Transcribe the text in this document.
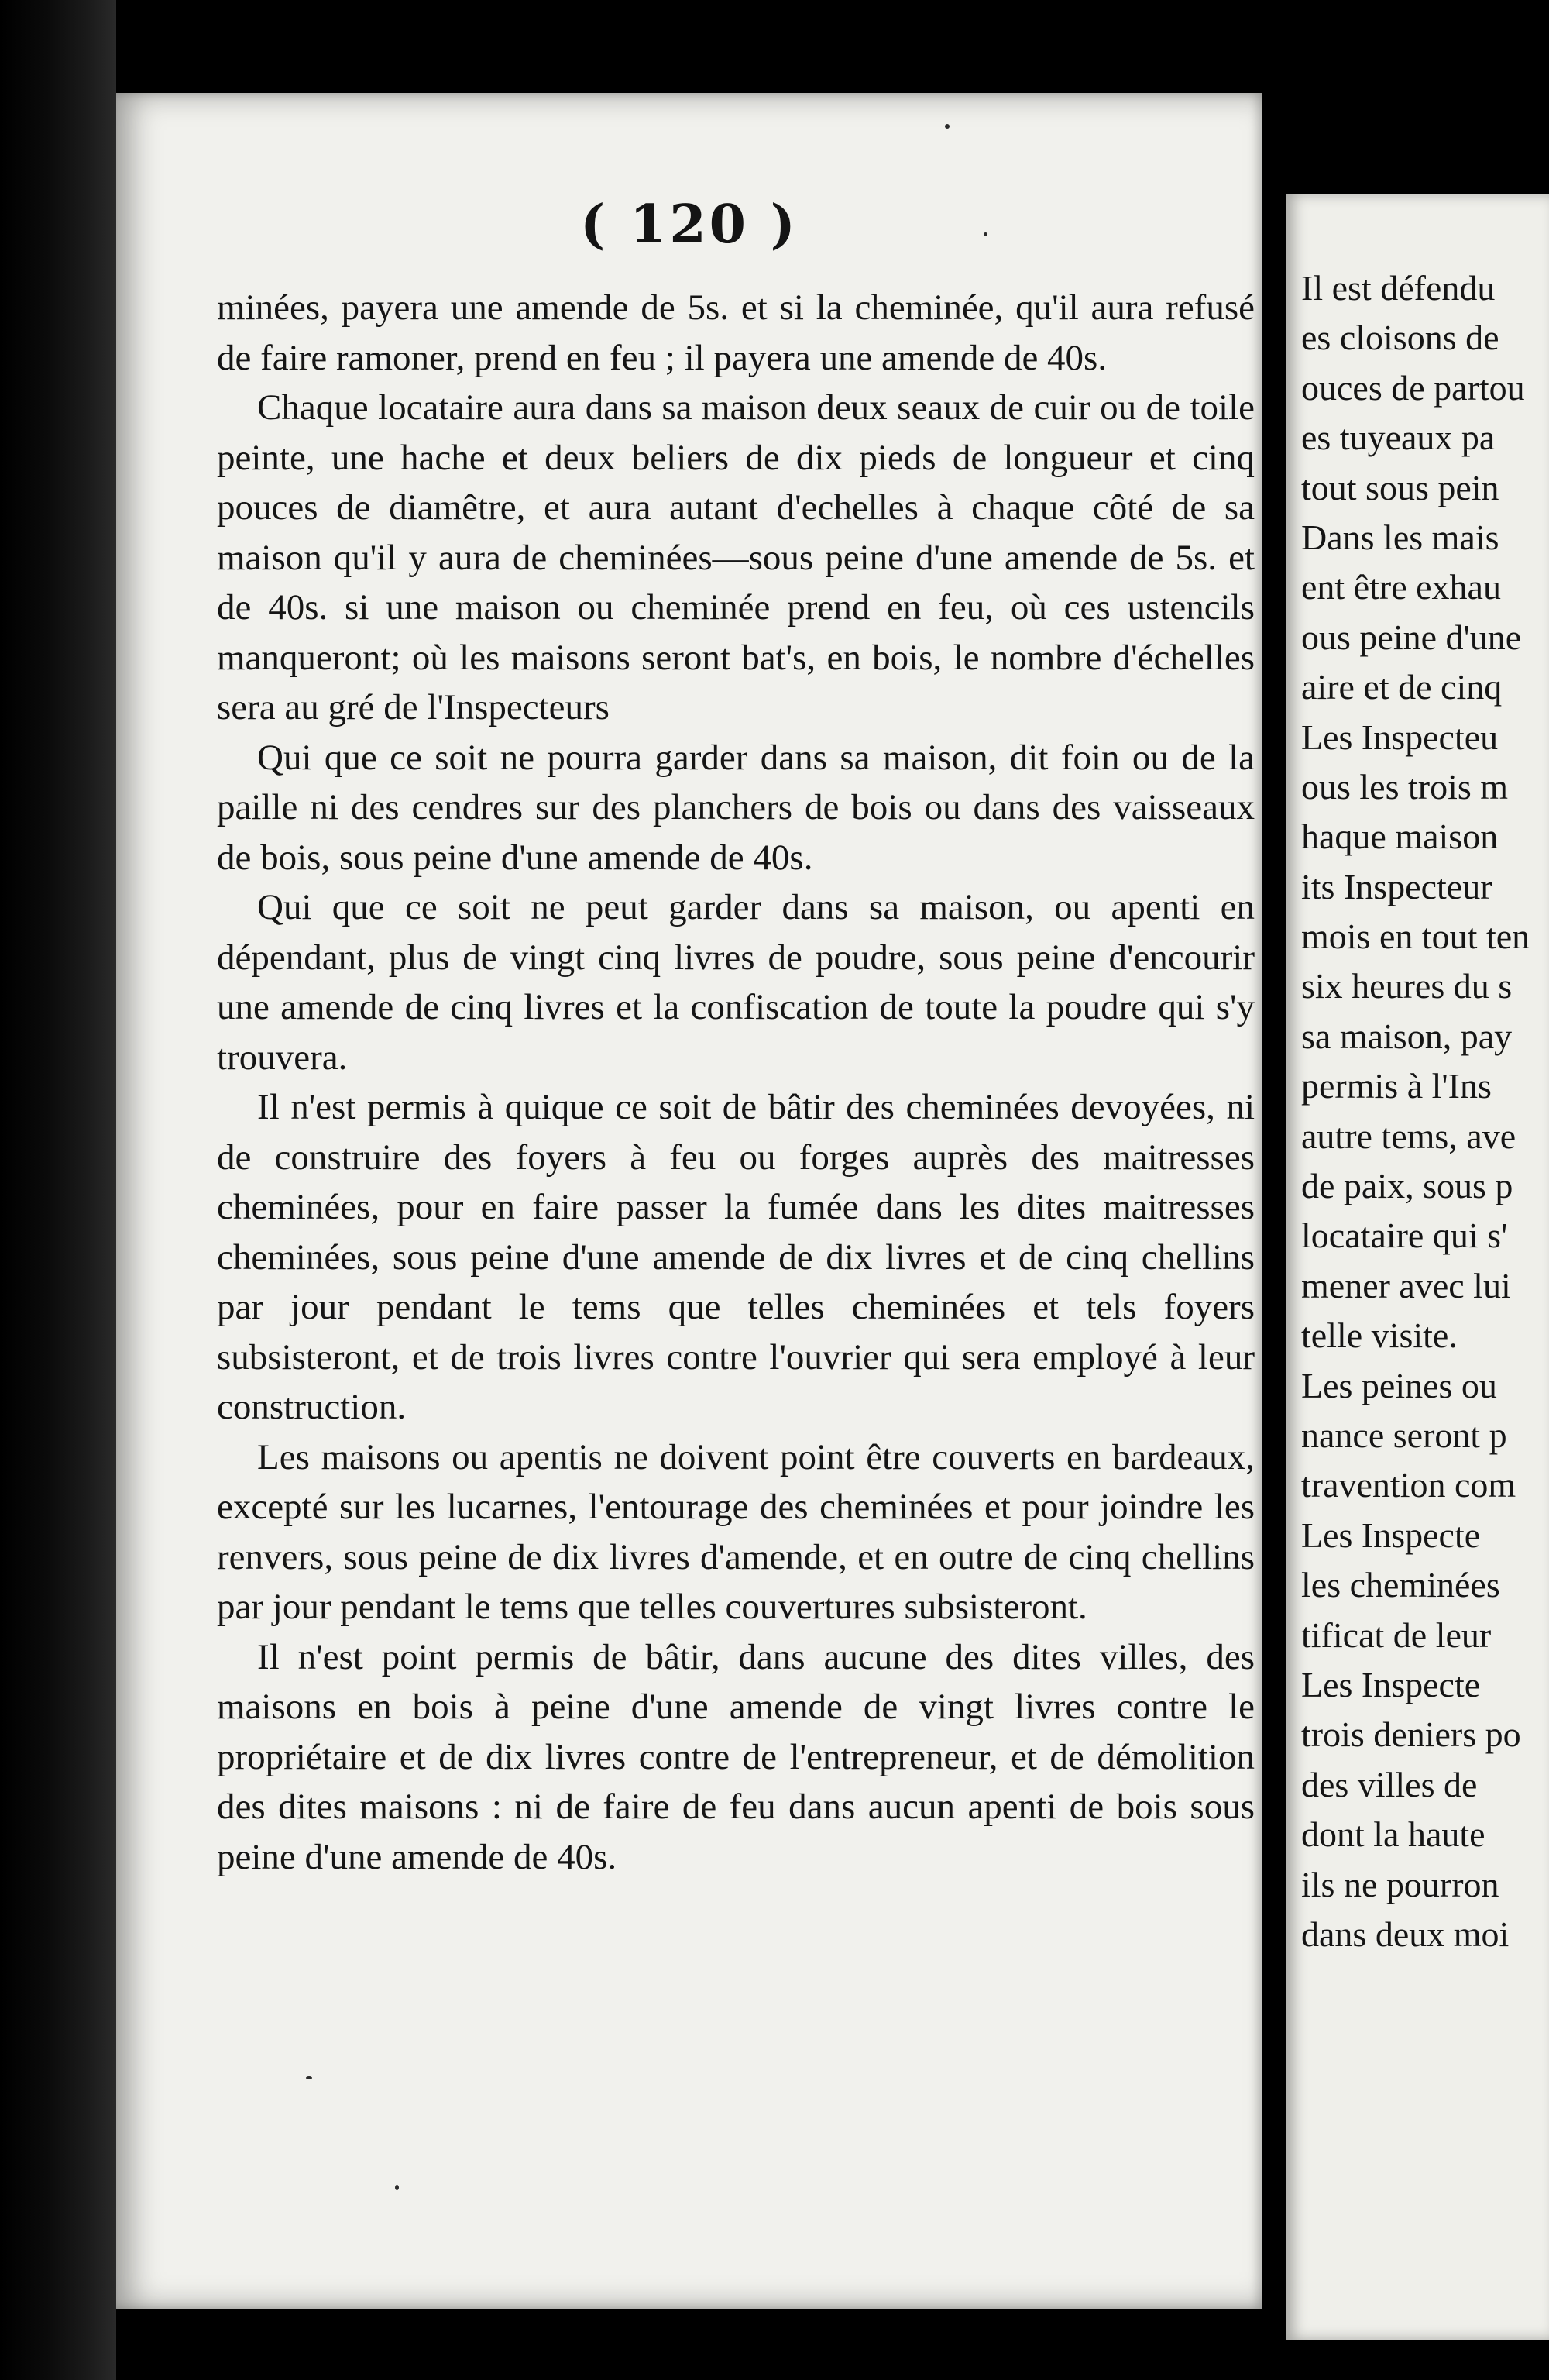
( 120 )

minées, payera une amende de 5s. et si la cheminée, qu'il aura refusé de faire ramoner, prend en feu ; il payera une amende de 40s.

Chaque locataire aura dans sa maison deux seaux de cuir ou de toile peinte, une hache et deux beliers de dix pieds de longueur et cinq pouces de diamêtre, et aura autant d'echelles à chaque côté de sa maison qu'il y aura de cheminées—sous peine d'une amende de 5s. et de 40s. si une maison ou cheminée prend en feu, où ces ustencils manqueront; où les maisons seront bat's, en bois, le nombre d'échelles sera au gré de l'Inspecteurs

Qui que ce soit ne pourra garder dans sa maison, dit foin ou de la paille ni des cendres sur des planchers de bois ou dans des vaisseaux de bois, sous peine d'une amende de 40s.

Qui que ce soit ne peut garder dans sa maison, ou apenti en dépendant, plus de vingt cinq livres de poudre, sous peine d'encourir une amende de cinq livres et la confiscation de toute la poudre qui s'y trouvera.

Il n'est permis à quique ce soit de bâtir des cheminées devoyées, ni de construire des foyers à feu ou forges auprès des maitresses cheminées, pour en faire passer la fumée dans les dites maitresses cheminées, sous peine d'une amende de dix livres et de cinq chellins par jour pendant le tems que telles cheminées et tels foyers subsisteront, et de trois livres contre l'ouvrier qui sera employé à leur construction.

Les maisons ou apentis ne doivent point être couverts en bardeaux, excepté sur les lucarnes, l'entourage des cheminées et pour joindre les renvers, sous peine de dix livres d'amende, et en outre de cinq chellins par jour pendant le tems que telles couvertures subsisteront.

Il n'est point permis de bâtir, dans aucune des dites villes, des maisons en bois à peine d'une amende de vingt livres contre le propriétaire et de dix livres contre de l'entrepreneur, et de démolition des dites maisons : ni de faire de feu dans aucun apenti de bois sous peine d'une amende de 40s.

Il est défendu
es cloisons de
ouces de partou
es tuyeaux pa
tout sous pein
Dans les mais
ent être exhau
ous peine d'une
aire et de cinq
Les Inspecteu
ous les trois m
haque maison
its Inspecteur
mois en tout ten
six heures du s
sa maison, pay
permis à l'Ins
autre tems, ave
de paix, sous p
locataire qui s'
mener avec lui
telle visite.
Les peines ou
nance seront p
travention com
Les Inspecte
les cheminées
tificat de leur
Les Inspecte
trois deniers po
des villes de
dont la haute
ils ne pourron
dans deux moi
